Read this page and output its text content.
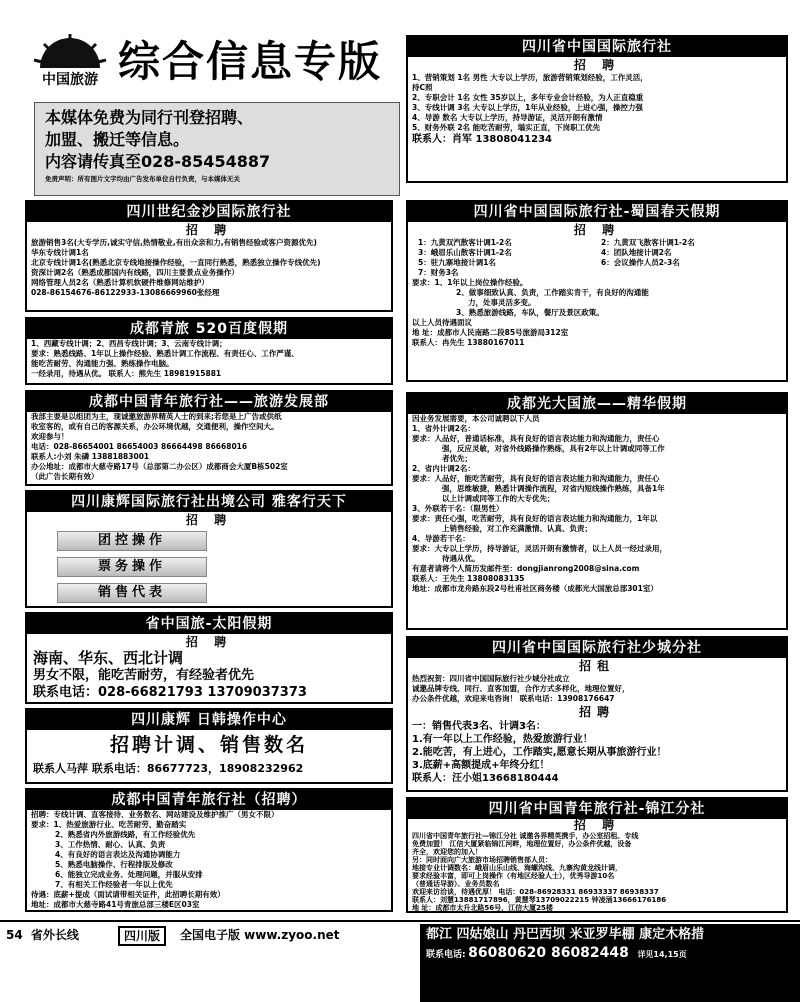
中国旅游 综合信息专版
本媒体免费为同行刊登招聘、
加盟、搬迁等信息。
内容请传真至028-85454887
免责声明：所有图片文字均由广告发布单位自行负责，与本媒体无关
四川省中国国际旅行社
招 聘
1、营销策划 1名 男性 大专以上学历，旅游营销策划经验，工作灵活，
持C照
2、专职会计 1名 女性 35岁以上，多年专业会计经验，为人正直稳重
3、专线计调 3名 大专以上学历，1年从业经验，上进心强，操控力强
4、导游 数名 大专以上学历，持导游证，灵活开朗有激情
5、财务外联 2名 能吃苦耐劳，塌实正直，下岗职工优先
联系人：肖军 13808041234
四川世纪金沙国际旅行社
招 聘
旅游销售3名(大专学历,诚实守信,热情敬业,有出众亲和力,有销售经验或客户资源优先)
华东专线计调1名
北京专线计调1名(熟悉北京专线地接操作经验，一直同行熟悉，熟悉独立操作专线优先)
资深计调2名（熟悉成都国内有线路，四川主要景点业务操作）
网络管理人员2名（熟悉计算机软硬件维修网站维护）
028-86154676-86122933-13086669960张经理
成都青旅 520百度假期
1、西藏专线计调；2、西昌专线计调；3、云南专线计调；
要求：熟悉线路、1年以上操作经验、熟悉计调工作流程、有责任心、工作严谨、
能吃苦耐劳、沟通能力强、熟练操作电脑。
一经录用，待遇从优。 联系人：熊先生 18981915881
成都中国青年旅行社——旅游发展部
我部主要是以组团为主，现诚邀旅游界精英人士的到来;若您是上广告或供纸
收室客的，或有自己的客源关系，办公环境优越，交通便利，操作空间大。
欢迎参与！
电话：028-86654001 86654003 86664498 86668016
联系人:小刘 朱磷 13881883001
办公地址：成都市大慈寺路17号（总部第二办公区）成都商会大厦B栋502室
（此广告长期有效）
四川康辉国际旅行社出境公司 雅客行天下
招 聘
团控操作票务操作销售代表
省中国旅-太阳假期
招 聘
海南、华东、西北计调
男女不限，能吃苦耐劳，有经验者优先
联系电话：028-66821793 13709037373
四川康辉 日韩操作中心
招聘计调、销售数名
联系人马萍 联系电话：86677723，18908232962
成都中国青年旅行社（招聘）
招聘：专线计调、直客接待、业务数名、网站建设及维护推广（男女不限）
要求：1、热爱旅游行业、吃苦耐劳、勤奋踏实
2、熟悉省内外旅游线路，有工作经验优先
3、工作热情、耐心、认真、负责
4、有良好的语言表达及沟通协调能力
5、熟悉电脑操作、行程排版及修改
6、能独立完成业务、处理问题，并服从安排
7、有相关工作经验者一年以上优先
待遇：底薪+提成（面试请带相关证件，此招聘长期有效）
地址：成都市大慈寺路41号青旅总部三楼E区03室
四川省中国国际旅行社-蜀国春天假期
招 聘
1：九黄双汽散客计调1-2名	2：九黄双飞散客计调1-2名
3：峨眉乐山散客计调1-2名	4：团队地接计调2名
5：驻九寨地接计调1名	6：会议操作人员2-3名
7：财务3名
要求：1、1年以上岗位操作经验。
2、做事细致认真、负责，工作踏实肯干，有良好的沟通能
力，处事灵活多变。
3、熟悉旅游线路，车队，餐厅及景区政策。
以上人员待遇面议
地 址：成都市人民南路二段85号旅游局312室
联系人：冉先生 13880167011
成都光大国旅——精华假期
因业务发展需要，本公司诚聘以下人员
1、省外计调2名：
要求：人品好，普通话标准，具有良好的语言表达能力和沟通能力，责任心
强，反应灵敏，对省外线路操作熟练，具有2年以上计调或同等工作
者优先；
2、省内计调2名：
要求：人品好，能吃苦耐劳，具有良好的语言表达能力和沟通能力，责任心
强，思维敏捷，熟悉计调操作流程，对省内短线操作熟练，具备1年
以上计调或同等工作的大专优先；
3、外联若干名：（限男性）
要求：责任心强，吃苦耐劳，具有良好的语言表达能力和沟通能力，1年以
上销售经验，对工作充满激情、认真、负责；
4、导游若干名：
要求：大专以上学历，持导游证，灵活开朗有激情者，以上人员一经过录用，
待遇从优。
有意者请将个人简历发邮件至：dongjianrong2008@sina.com
联系人：王先生 13808083135
地址：成都市龙舟路东段2号杜甫社区商务楼（成都光大国旅总部301室）
四川省中国国际旅行社少城分社
招租
热烈祝贺：四川省中国国际旅行社少城分社成立
诚邀品牌专线、同行、直客加盟，合作方式多样化，地理位置好，
办公条件优越，欢迎来电咨询！ 联系电话：13908176647
招聘
一：销售代表3名、计调3名：
1.有一年以上工作经验，热爱旅游行业！
2.能吃苦，有上进心，工作踏实,愿意长期从事旅游行业！
3.底薪+高额提成+年终分红！
联系人：汪小姐13668180444
四川省中国青年旅行社-锦江分社
招 聘
四川省中国青年旅行社—锦江分社 诚邀各界精英携手，办公室招租、专线
免费加盟！ 江信大厦紧临锦江河畔，地理位置好，办公条件优越，设备
齐全，欢迎您的加入！
另：同时面向广大旅游市场招聘销售部人员：
地接专业计调数名：峨眉山乐山线、海螺沟线、九寨沟黄龙线计调，
要求经验丰富，即可上岗操作（有地区经验人士），优秀导游10名
（普通话导游）、业务员数名
欢迎来访洽谈，待遇优厚！ 电话：028-86928331 86933337 86938337
联系人：刘慧13881717896，黄慧琴13709022215 钟凌涌13666176186
地 址：成都市太升北路56号，江信大厦25楼
54 省外长线	四川版	全国电子版 www.zyoo.net	都江 四姑娘山 丹巴西坝 米亚罗毕棚 康定木格措
联系电话: 86080620 86082448 详见14,15页
